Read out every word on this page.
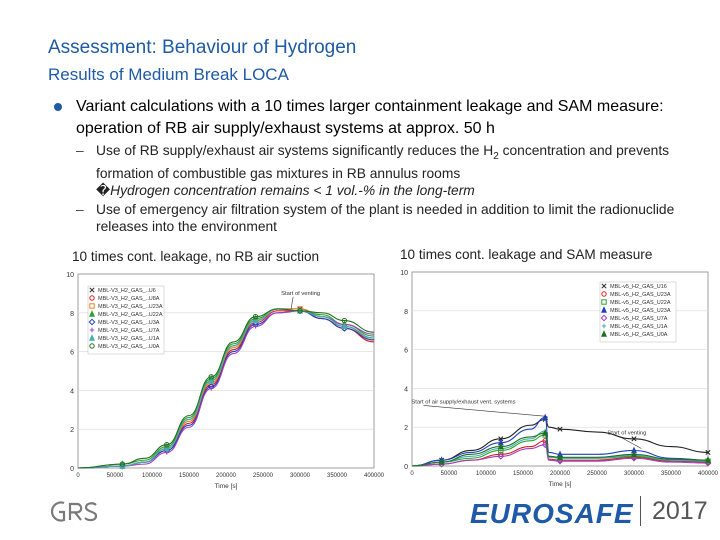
Assessment: Behaviour of Hydrogen
Results of Medium Break LOCA
Variant calculations with a 10 times larger containment leakage and SAM measure: operation of RB air supply/exhaust systems at approx. 50 h
– Use of RB supply/exhaust air systems significantly reduces the $H_2$ concentration and prevents formation of combustible gas mixtures in RB annulus rooms
�Hydrogen concentration remains < 1 vol.-% in the long-term
– Use of emergency air filtration system of the plant is needed in addition to limit the radionuclide releases into the environment
10 times cont. leakage, no RB air suction	10 times cont. leakage and SAM measure
0
2
4
6
8
10
0	50000	100000	150000	200000	250000	300000	350000	400000
Time [s]
MBL-V3_H2_GAS_..U6
MBL-V3_H2_GAS_..U8A
MBL-V3_H2_GAS_..U23A
MBL-V3_H2_GAS_..U22A
MBL-V3_H2_GAS_..U3A
MBL-V3_H2_GAS_..U7A
MBL-V3_H2_GAS_..U1A
MBL-V3_H2_GAS_..U0A
Start of venting
0
2
4
6
8
10
0	50000	100000	150000	200000	250000	300000	350000	400000
Time [s]
MBL-v5_H2_GAS_U16
MBL-v5_H2_GAS_U23A
MBL-v5_H2_GAS_U22A
MBL-v5_H2_GAS_U23A
MBL-v5_H2_GAS_U7A
MBL-v5_H2_GAS_U1A
MBL-v5_H2_GAS_U0A
Start of air supply/exhaust vent. systems
Start of venting
EUROSAFE 2017
